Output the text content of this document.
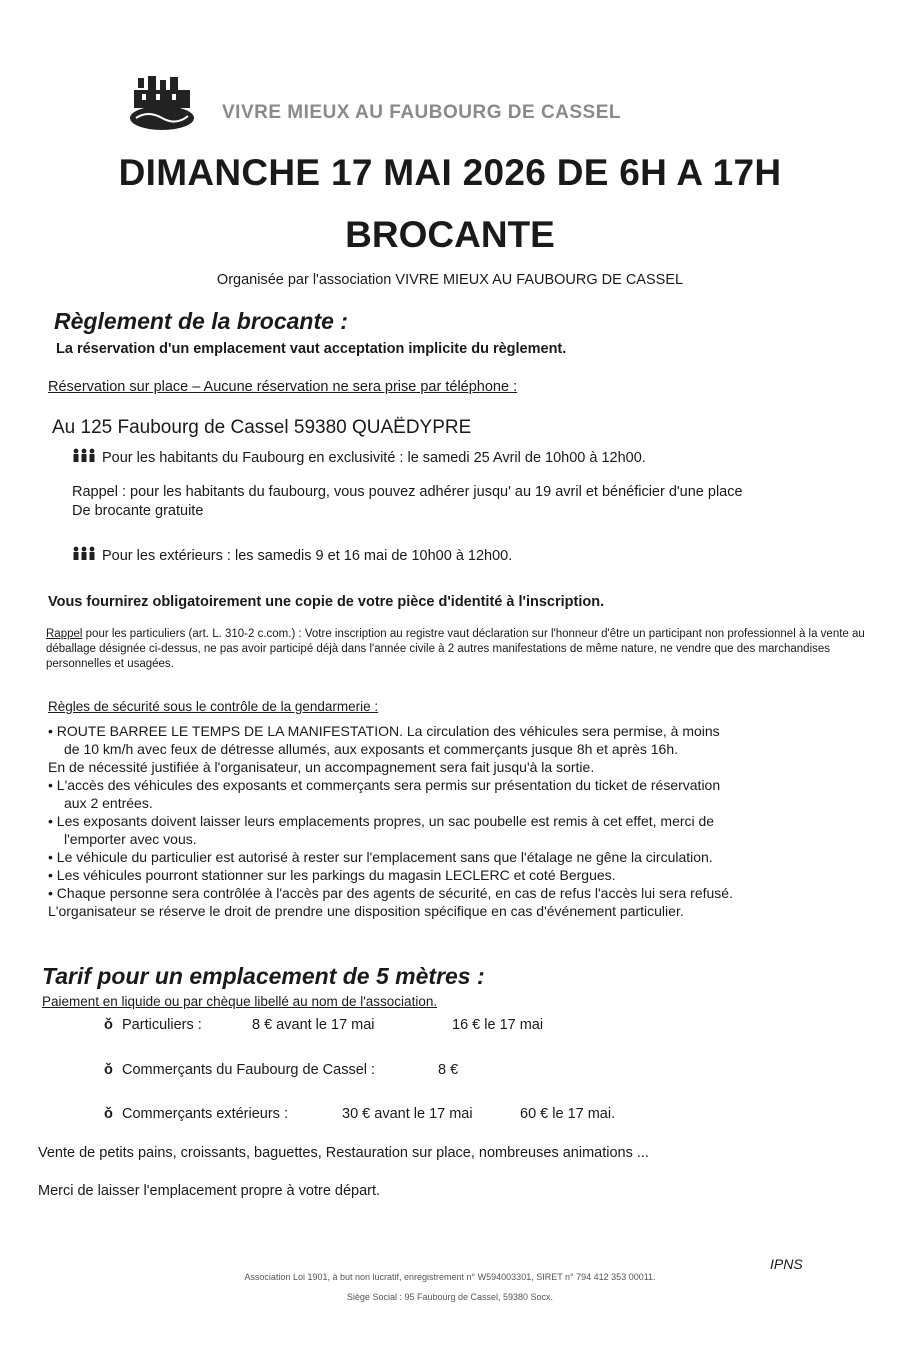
VIVRE MIEUX AU FAUBOURG DE CASSEL
DIMANCHE 17 MAI 2026 DE 6H A 17H
BROCANTE
Organisée par l'association VIVRE MIEUX AU FAUBOURG DE CASSEL
Règlement de la brocante :
La réservation d'un emplacement vaut acceptation implicite du règlement.
Réservation sur place – Aucune réservation ne sera prise par téléphone :
Au 125 Faubourg de Cassel 59380 QUAËDYPRE
Pour les habitants du Faubourg en exclusivité : le samedi 25 Avril de 10h00 à 12h00.
Rappel : pour les habitants du faubourg, vous pouvez adhérer jusqu' au 19 avril et bénéficier d'une place
De brocante gratuite
Pour les extérieurs : les samedis 9 et 16 mai de 10h00 à 12h00.
Vous fournirez obligatoirement une copie de votre pièce d'identité à l'inscription.
Rappel pour les particuliers (art. L. 310-2 c.com.) : Votre inscription au registre vaut déclaration sur l'honneur d'être un participant non professionnel à la vente au déballage désignée ci-dessus, ne pas avoir participé déjà dans l'année civile à 2 autres manifestations de même nature, ne vendre que des marchandises personnelles et usagées.
Règles de sécurité sous le contrôle de la gendarmerie :
• ROUTE BARREE LE TEMPS DE LA MANIFESTATION. La circulation des véhicules sera permise, à moins
de 10 km/h avec feux de détresse allumés, aux exposants et commerçants jusque 8h et après 16h.
En de nécessité justifiée à l'organisateur, un accompagnement sera fait jusqu'à la sortie.
• L'accès des véhicules des exposants et commerçants sera permis sur présentation du ticket de réservation
aux 2 entrées.
• Les exposants doivent laisser leurs emplacements propres, un sac poubelle est remis à cet effet, merci de
l'emporter avec vous.
• Le véhicule du particulier est autorisé à rester sur l'emplacement sans que l'étalage ne gêne la circulation.
• Les véhicules pourront stationner sur les parkings du magasin LECLERC et coté Bergues.
• Chaque personne sera contrôlée à l'accès par des agents de sécurité, en cas de refus l'accès lui sera refusé.
L'organisateur se réserve le droit de prendre une disposition spécifique en cas d'événement particulier.
Tarif pour un emplacement de 5 mètres :
Paiement en liquide ou par chèque libellé au nom de l'association.
ǒ Particuliers :	8 € avant le 17 mai	16 € le 17 mai
ǒ Commerçants du Faubourg de Cassel :	8 €
ǒ Commerçants extérieurs :	30 € avant le 17 mai	60 € le 17 mai.
Vente de petits pains, croissants, baguettes, Restauration sur place, nombreuses animations ...
Merci de laisser l'emplacement propre à votre départ.
IPNS
Association Loi 1901, à but non lucratif, enregistrement n° W594003301, SIRET n° 794 412 353 00011.
Siège Social : 95 Faubourg de Cassel, 59380 Socx.
